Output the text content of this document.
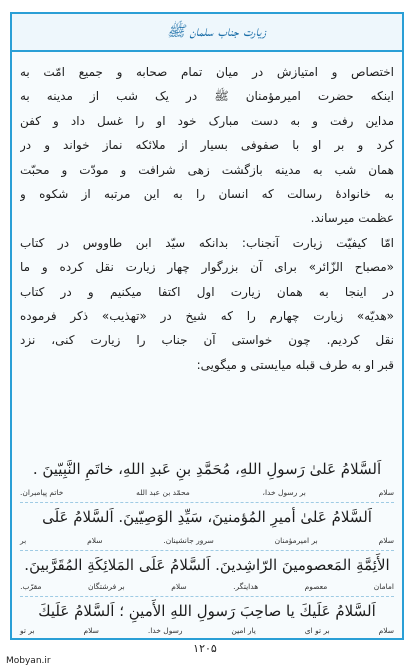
زیارت جناب سلمان ﷺ
اختصاص و امتیازش در میان تمام صحابه و جمیع امّت به
اینکه حضرت امیرمؤمنان ﷺ در یک شب از مدینه به
مداین رفت و به دست مبارک خود او را غسل داد و کفن
کرد و بر او با صفوفی بسیار از ملائکه نماز خواند و در
همان شب به مدینه بازگشت زهی شرافت و مودّت و محبّت
به خانوادهٔ رسالت که انسان را به این مرتبه از شکوه و
عظمت میرساند.
امّا کیفیّت زیارت آنجناب: بدانکه سیّد ابن طاووس در کتاب
«مصباح الزّائر» برای آن بزرگوار چهار زیارت نقل کرده و ما
در اینجا به همان زیارت اول اکتفا میکنیم و در کتاب
«هدیّه» زیارت چهارم را که شیخ در «تهذیب» ذکر فرموده
نقل کردیم. چون خواستی آن جناب را زیارت کنی، نزد
قبر او به طرف قبله میایستی و میگویی:
اَلسَّلامُ عَلىٰ رَسولِ اللهِ، مُحَمَّدِ بنِ عَبدِ اللهِ، خاتَمِ النَّبِيّينَ .
سلام
بر رسول خدا،
محمّد بن عبد الله
خاتم پیامبران.
اَلسَّلامُ عَلىٰ أميرِ المُؤمنينَ، سَيِّدِ الوَصِيّينَ. اَلسَّلامُ عَلَى
سلام
بر امیرمؤمنان
سرور جانشینان.
سلام
بر
الأَئِمَّةِ المَعصومينَ الرّاشِدينَ. اَلسَّلامُ عَلَى المَلائِكَةِ المُقَرَّبينَ.
امامان
معصوم
هدایتگر.
سلام
بر فرشتگان
مقرّب.
اَلسَّلامُ عَلَيكَ يا صاحِبَ رَسولِ اللهِ الأَمينِ ؛ اَلسَّلامُ عَلَيكَ
سلام
بر تو ای
یار امین
رسول خدا.
سلام
بر تو
۱۲۰۵
Mobyan.ir
